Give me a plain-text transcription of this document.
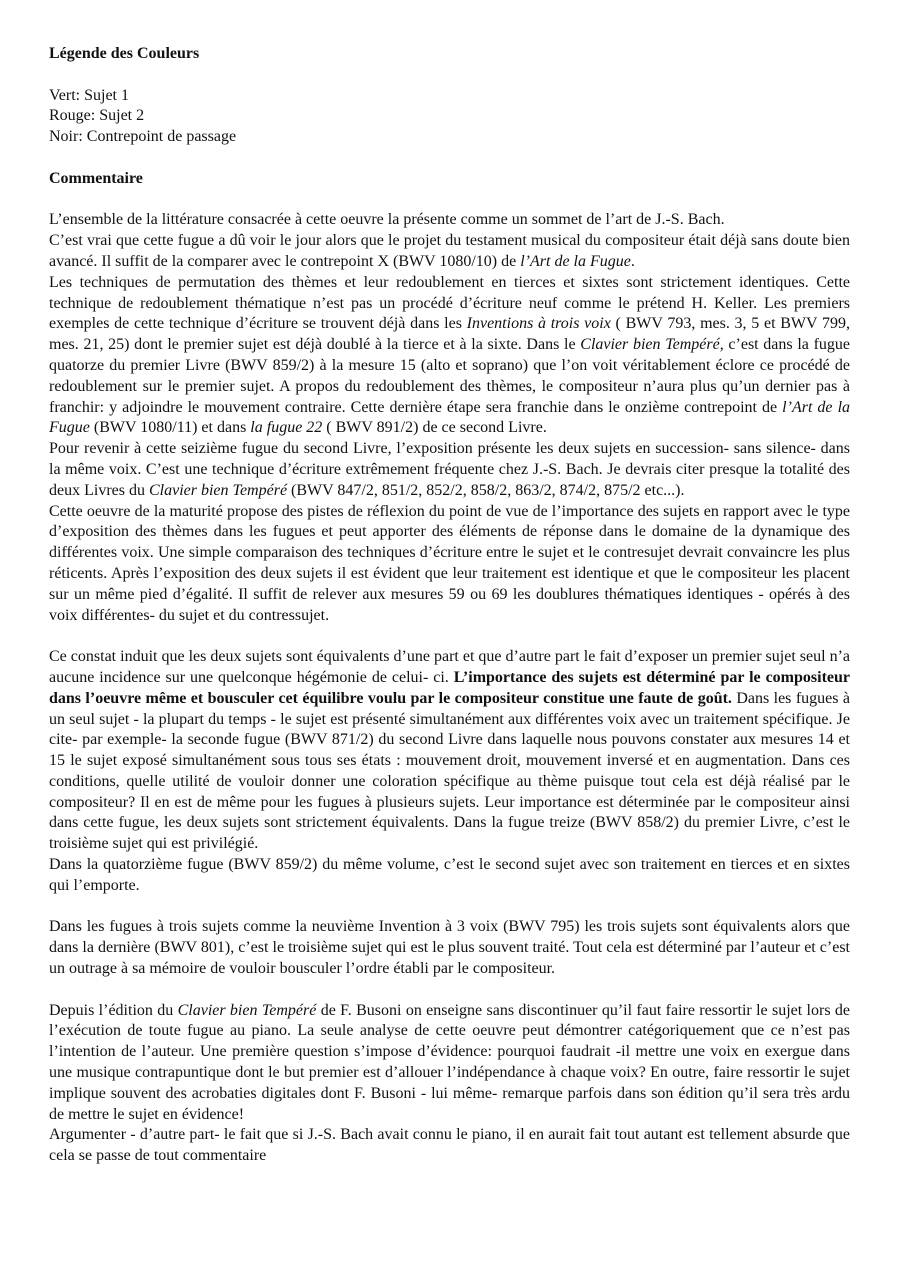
Légende des Couleurs

Vert: Sujet 1

Rouge: Sujet 2

Noir: Contrepoint de passage

Commentaire

L’ensemble de la littérature consacrée à cette oeuvre la présente comme un sommet de l’art de J.-S. Bach.

C’est vrai que cette fugue a dû voir le jour alors que le projet du testament musical du compositeur était déjà sans doute bien avancé. Il suffit de la comparer avec le contrepoint X (BWV 1080/10) de l’Art de la Fugue.

Les techniques de permutation des thèmes et leur redoublement en tierces et sixtes sont strictement identiques. Cette technique de redoublement thématique n’est pas un procédé d’écriture neuf comme le prétend H. Keller. Les premiers exemples de cette technique d’écriture se trouvent déjà dans les Inventions à trois voix ( BWV 793, mes. 3, 5 et BWV 799, mes. 21, 25) dont le premier sujet est déjà doublé à la tierce et à la sixte. Dans le Clavier bien Tempéré, c’est dans la fugue quatorze du premier Livre (BWV 859/2) à la mesure 15 (alto et soprano) que l’on voit véritablement éclore ce procédé de redoublement sur le premier sujet. A propos du redoublement des thèmes, le compositeur n’aura plus qu’un dernier pas à franchir: y adjoindre le mouvement contraire. Cette dernière étape sera franchie dans le onzième contrepoint de l’Art de la Fugue (BWV 1080/11) et dans la fugue 22 ( BWV 891/2) de ce second Livre.

Pour revenir à cette seizième fugue du second Livre, l’exposition présente les deux sujets en succession- sans silence- dans la même voix. C’est une technique d’écriture extrêmement fréquente chez J.-S. Bach. Je devrais citer presque la totalité des deux Livres du Clavier bien Tempéré (BWV 847/2, 851/2, 852/2, 858/2, 863/2, 874/2, 875/2 etc...).

Cette oeuvre de la maturité propose des pistes de réflexion du point de vue de l’importance des sujets en rapport avec le type d’exposition des thèmes dans les fugues et peut apporter des éléments de réponse dans le domaine de la dynamique des différentes voix. Une simple comparaison des techniques d’écriture entre le sujet et le contresujet devrait convaincre les plus réticents. Après l’exposition des deux sujets il est évident que leur traitement est identique et que le compositeur les placent sur un même pied d’égalité. Il suffit de relever aux mesures 59 ou 69 les doublures thématiques identiques - opérés à des voix différentes- du sujet et du contressujet.

Ce constat induit que les deux sujets sont équivalents d’une part et que d’autre part le fait d’exposer un premier sujet seul n’a aucune incidence sur une quelconque hégémonie de celui- ci. L’importance des sujets est déterminé par le compositeur dans l’oeuvre même et bousculer cet équilibre voulu par le compositeur constitue une faute de goût. Dans les fugues à un seul sujet - la plupart du temps - le sujet est présenté simultanément aux différentes voix avec un traitement spécifique. Je cite- par exemple- la seconde fugue (BWV 871/2) du second Livre dans laquelle nous pouvons constater aux mesures 14 et 15 le sujet exposé simultanément sous tous ses états : mouvement droit, mouvement inversé et en augmentation. Dans ces conditions, quelle utilité de vouloir donner une coloration spécifique au thème puisque tout cela est déjà réalisé par le compositeur? Il en est de même pour les fugues à plusieurs sujets. Leur importance est déterminée par le compositeur ainsi dans cette fugue, les deux sujets sont strictement équivalents. Dans la fugue treize (BWV 858/2) du premier Livre, c’est le troisième sujet qui est privilégié.

Dans la quatorzième fugue (BWV 859/2) du même volume, c’est le second sujet avec son traitement en tierces et en sixtes qui l’emporte.

Dans les fugues à trois sujets comme la neuvième Invention à 3 voix (BWV 795) les trois sujets sont équivalents alors que dans la dernière (BWV 801), c’est le troisième sujet qui est le plus souvent traité. Tout cela est déterminé par l’auteur et c’est un outrage à sa mémoire de vouloir bousculer l’ordre établi par le compositeur.

Depuis l’édition du Clavier bien Tempéré de F. Busoni on enseigne sans discontinuer qu’il faut faire ressortir le sujet lors de l’exécution de toute fugue au piano. La seule analyse de cette oeuvre peut démontrer catégoriquement que ce n’est pas l’intention de l’auteur. Une première question s’impose d’évidence: pourquoi faudrait -il mettre une voix en exergue dans une musique contrapuntique dont le but premier est d’allouer l’indépendance à chaque voix? En outre, faire ressortir le sujet implique souvent des acrobaties digitales dont F. Busoni - lui même- remarque parfois dans son édition qu’il sera très ardu de mettre le sujet en évidence!

Argumenter - d’autre part- le fait que si J.-S. Bach avait connu le piano, il en aurait fait tout autant est tellement absurde que cela se passe de tout commentaire
